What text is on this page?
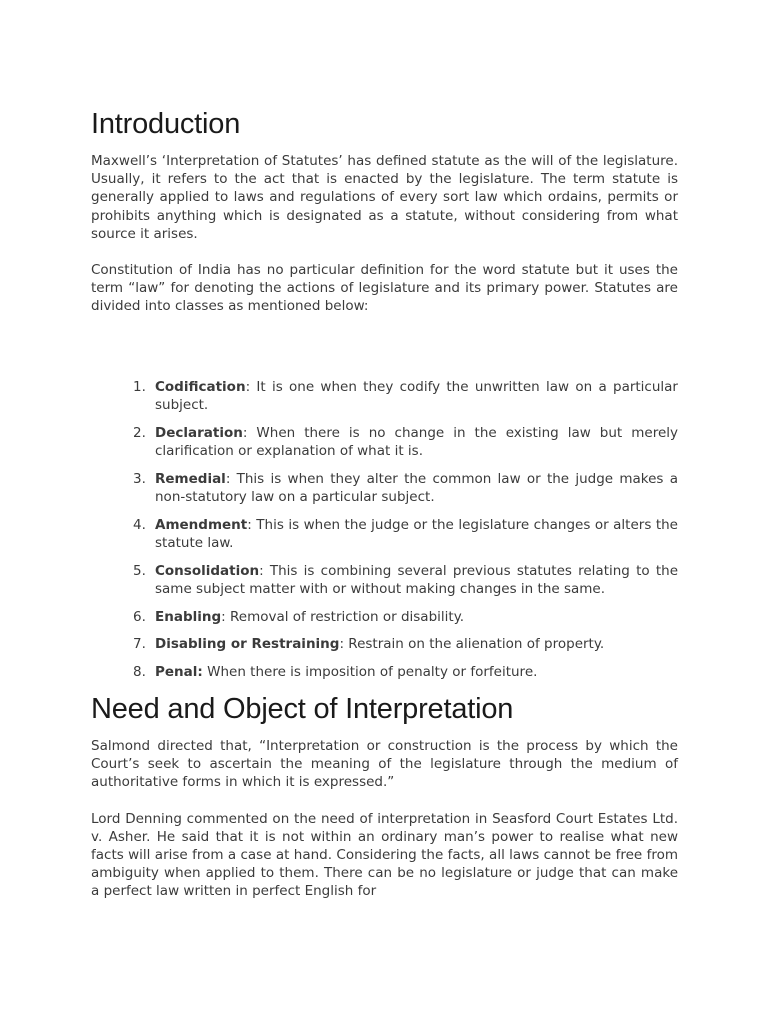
Introduction

Maxwell’s ‘Interpretation of Statutes’ has defined statute as the will of the legislature. Usually, it refers to the act that is enacted by the legislature. The term statute is generally applied to laws and regulations of every sort law which ordains, permits or prohibits anything which is designated as a statute, without considering from what source it arises.

Constitution of India has no particular definition for the word statute but it uses the term “law” for denoting the actions of legislature and its primary power. Statutes are divided into classes as mentioned below:

1. Codification: It is one when they codify the unwritten law on a particular subject.
2. Declaration: When there is no change in the existing law but merely clarification or explanation of what it is.
3. Remedial: This is when they alter the common law or the judge makes a non-statutory law on a particular subject.
4. Amendment: This is when the judge or the legislature changes or alters the statute law.
5. Consolidation: This is combining several previous statutes relating to the same subject matter with or without making changes in the same.
6. Enabling: Removal of restriction or disability.
7. Disabling or Restraining: Restrain on the alienation of property.
8. Penal: When there is imposition of penalty or forfeiture.
Need and Object of Interpretation

Salmond directed that, “Interpretation or construction is the process by which the Court’s seek to ascertain the meaning of the legislature through the medium of authoritative forms in which it is expressed.”

Lord Denning commented on the need of interpretation in Seasford Court Estates Ltd. v. Asher. He said that it is not within an ordinary man’s power to realise what new facts will arise from a case at hand. Considering the facts, all laws cannot be free from ambiguity when applied to them. There can be no legislature or judge that can make a perfect law written in perfect English for
